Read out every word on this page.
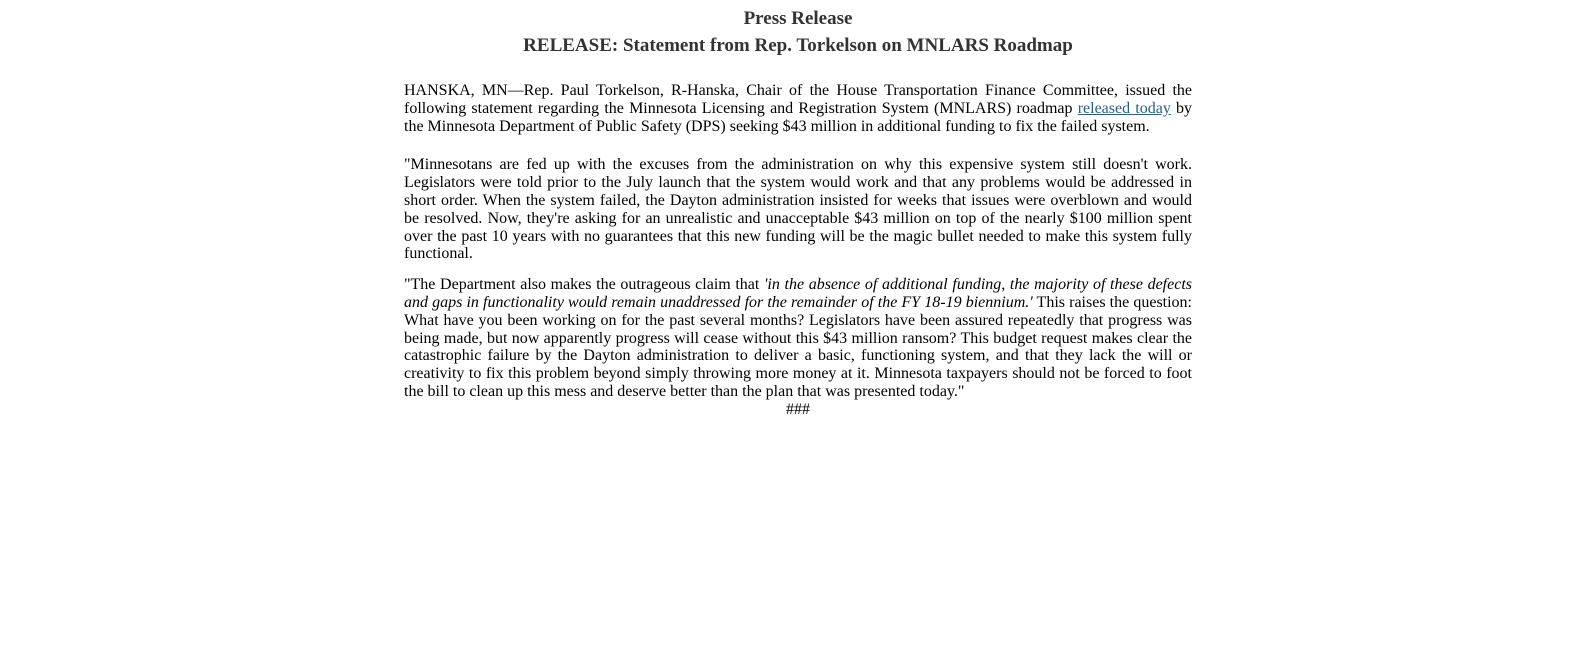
Press Release
RELEASE: Statement from Rep. Torkelson on MNLARS Roadmap

HANSKA, MN—Rep. Paul Torkelson, R-Hanska, Chair of the House Transportation Finance Committee, issued the following statement regarding the Minnesota Licensing and Registration System (MNLARS) roadmap released today by the Minnesota Department of Public Safety (DPS) seeking $43 million in additional funding to fix the failed system.

"Minnesotans are fed up with the excuses from the administration on why this expensive system still doesn't work. Legislators were told prior to the July launch that the system would work and that any problems would be addressed in short order. When the system failed, the Dayton administration insisted for weeks that issues were overblown and would be resolved. Now, they're asking for an unrealistic and unacceptable $43 million on top of the nearly $100 million spent over the past 10 years with no guarantees that this new funding will be the magic bullet needed to make this system fully functional.

"The Department also makes the outrageous claim that 'in the absence of additional funding, the majority of these defects and gaps in functionality would remain unaddressed for the remainder of the FY 18-19 biennium.' This raises the question: What have you been working on for the past several months? Legislators have been assured repeatedly that progress was being made, but now apparently progress will cease without this $43 million ransom? This budget request makes clear the catastrophic failure by the Dayton administration to deliver a basic, functioning system, and that they lack the will or creativity to fix this problem beyond simply throwing more money at it. Minnesota taxpayers should not be forced to foot the bill to clean up this mess and deserve better than the plan that was presented today."

###
